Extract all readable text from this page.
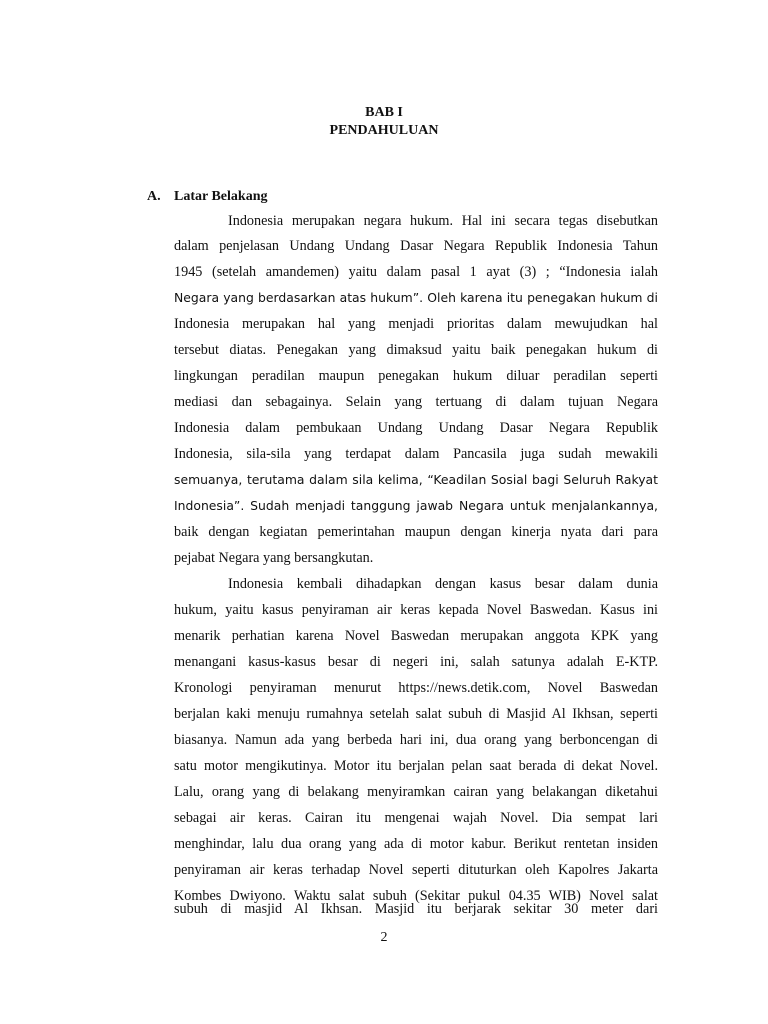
BAB I
PENDAHULUAN
A. Latar Belakang
Indonesia merupakan negara hukum. Hal ini secara tegas disebutkan
dalam penjelasan Undang Undang Dasar Negara Republik Indonesia Tahun
1945 (setelah amandemen) yaitu dalam pasal 1 ayat (3) ; “Indonesia ialah
Negara yang berdasarkan atas hukum”. Oleh karena itu penegakan hukum di
Indonesia merupakan hal yang menjadi prioritas dalam mewujudkan hal
tersebut diatas. Penegakan yang dimaksud yaitu baik penegakan hukum di
lingkungan peradilan maupun penegakan hukum diluar peradilan seperti
mediasi dan sebagainya. Selain yang tertuang di dalam tujuan Negara
Indonesia dalam pembukaan Undang Undang Dasar Negara Republik
Indonesia, sila-sila yang terdapat dalam Pancasila juga sudah mewakili
semuanya, terutama dalam sila kelima, “Keadilan Sosial bagi Seluruh Rakyat
Indonesia”. Sudah menjadi tanggung jawab Negara untuk menjalankannya,
baik dengan kegiatan pemerintahan maupun dengan kinerja nyata dari para
pejabat Negara yang bersangkutan.
Indonesia kembali dihadapkan dengan kasus besar dalam dunia
hukum, yaitu kasus penyiraman air keras kepada Novel Baswedan. Kasus ini
menarik perhatian karena Novel Baswedan merupakan anggota KPK yang
menangani kasus-kasus besar di negeri ini, salah satunya adalah E-KTP.
Kronologi penyiraman menurut https://news.detik.com, Novel Baswedan
berjalan kaki menuju rumahnya setelah salat subuh di Masjid Al Ikhsan, seperti
biasanya. Namun ada yang berbeda hari ini, dua orang yang berboncengan di
satu motor mengikutinya. Motor itu berjalan pelan saat berada di dekat Novel.
Lalu, orang yang di belakang menyiramkan cairan yang belakangan diketahui
sebagai air keras. Cairan itu mengenai wajah Novel. Dia sempat lari
menghindar, lalu dua orang yang ada di motor kabur. Berikut rentetan insiden
penyiraman air keras terhadap Novel seperti dituturkan oleh Kapolres Jakarta
Kombes Dwiyono. Waktu salat subuh (Sekitar pukul 04.35 WIB) Novel salat
subuh di masjid Al Ikhsan. Masjid itu berjarak sekitar 30 meter dari
2
